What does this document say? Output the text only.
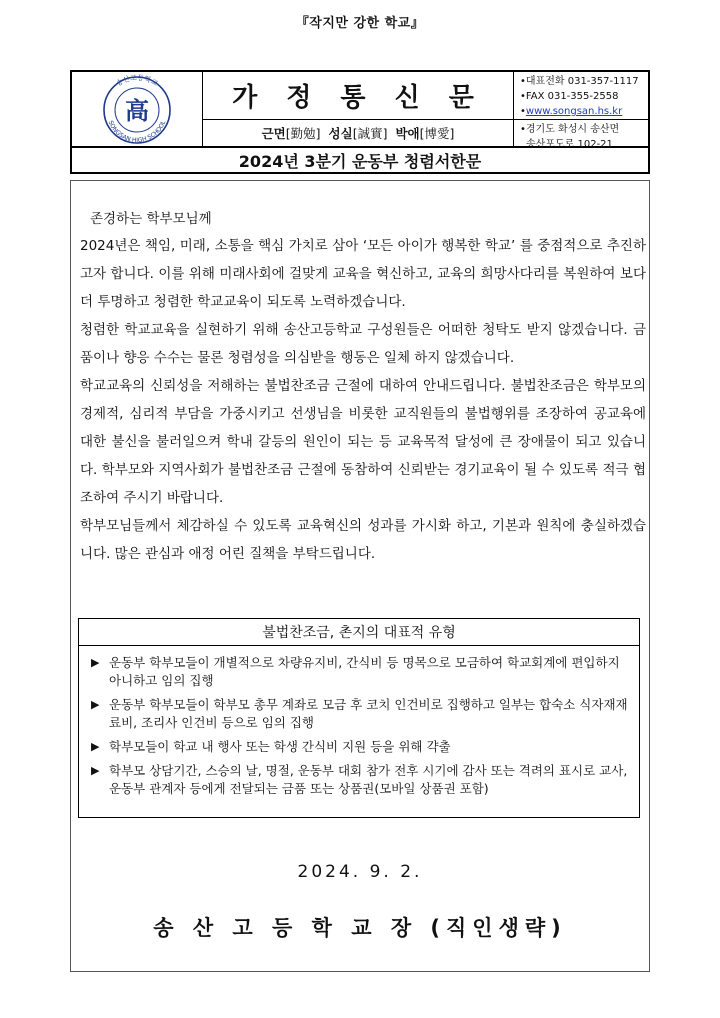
『작지만 강한 학교』
송산고등학교
SONGSAN HIGH SCHOOL
高	가 정 통 신 문
근면[勤勉] 성실[誠實] 박애[博愛]
•대표전화 031-357-1117
•FAX 031-355-2558
•www.songsan.hs.kr
•경기도 화성시 송산면
송산포도로 102-21
2024년 3분기 운동부 청렴서한문
존경하는 학부모님께

2024년은 책임, 미래, 소통을 핵심 가치로 삼아 ‘모든 아이가 행복한 학교’ 를 중점적으로 추진하고자 합니다. 이를 위해 미래사회에 걸맞게 교육을 혁신하고, 교육의 희망사다리를 복원하여 보다 더 투명하고 청렴한 학교교육이 되도록 노력하겠습니다.

청렴한 학교교육을 실현하기 위해 송산고등학교 구성원들은 어떠한 청탁도 받지 않겠습니다. 금품이나 향응 수수는 물론 청렴성을 의심받을 행동은 일체 하지 않겠습니다.

학교교육의 신뢰성을 저해하는 불법찬조금 근절에 대하여 안내드립니다. 불법찬조금은 학부모의 경제적, 심리적 부담을 가중시키고 선생님을 비롯한 교직원들의 불법행위를 조장하여 공교육에 대한 불신을 불러일으켜 학내 갈등의 원인이 되는 등 교육목적 달성에 큰 장애물이 되고 있습니다. 학부모와 지역사회가 불법찬조금 근절에 동참하여 신뢰받는 경기교육이 될 수 있도록 적극 협조하여 주시기 바랍니다.

학부모님들께서 체감하실 수 있도록 교육혁신의 성과를 가시화 하고, 기본과 원칙에 충실하겠습니다. 많은 관심과 애정 어린 질책을 부탁드립니다.

불법찬조금, 촌지의 대표적 유형
▶ 운동부 학부모들이 개별적으로 차량유지비, 간식비 등 명목으로 모금하여 학교회계에 편입하지 아니하고 임의 집행
▶ 운동부 학부모들이 학부모 총무 계좌로 모금 후 코치 인건비로 집행하고 일부는 합숙소 식자재재료비, 조리사 인건비 등으로 임의 집행
▶ 학부모들이 학교 내 행사 또는 학생 간식비 지원 등을 위해 갹출
▶ 학부모 상담기간, 스승의 날, 명절, 운동부 대회 참가 전후 시기에 감사 또는 격려의 표시로 교사, 운동부 관계자 등에게 전달되는 금품 또는 상품권(모바일 상품권 포함)
2024. 9. 2.
송 산 고 등 학 교 장 (직인생략)
